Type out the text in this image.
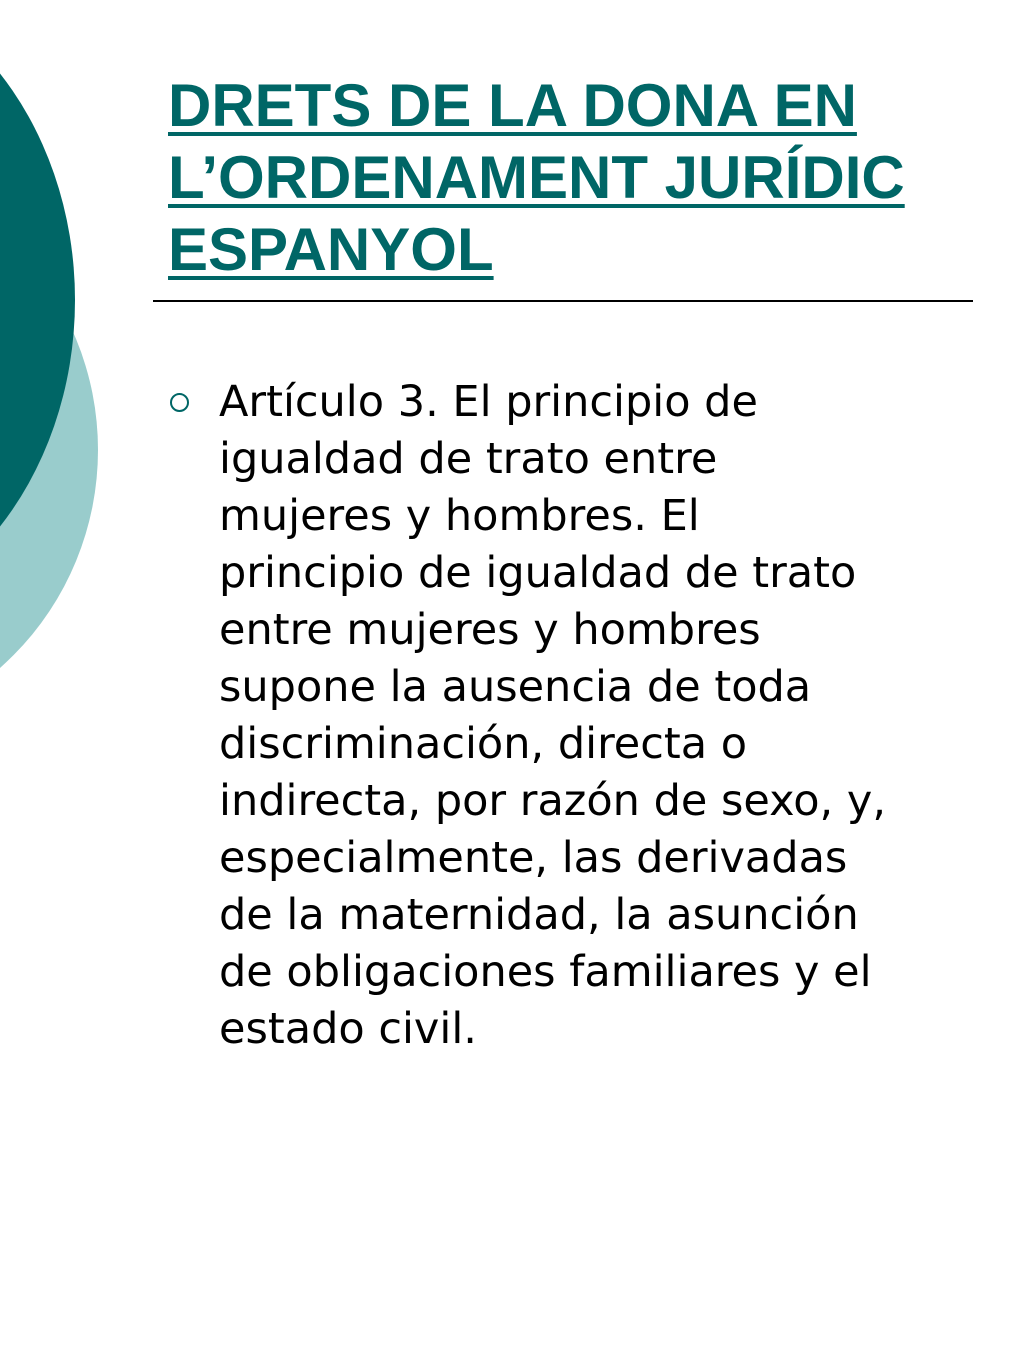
DRETS DE LA DONA EN
L’ORDENAMENT JURÍDIC
ESPANYOL

Artículo 3. El principio de
igualdad de trato entre
mujeres y hombres. El
principio de igualdad de trato
entre mujeres y hombres
supone la ausencia de toda
discriminación, directa o
indirecta, por razón de sexo, y,
especialmente, las derivadas
de la maternidad, la asunción
de obligaciones familiares y el
estado civil.
